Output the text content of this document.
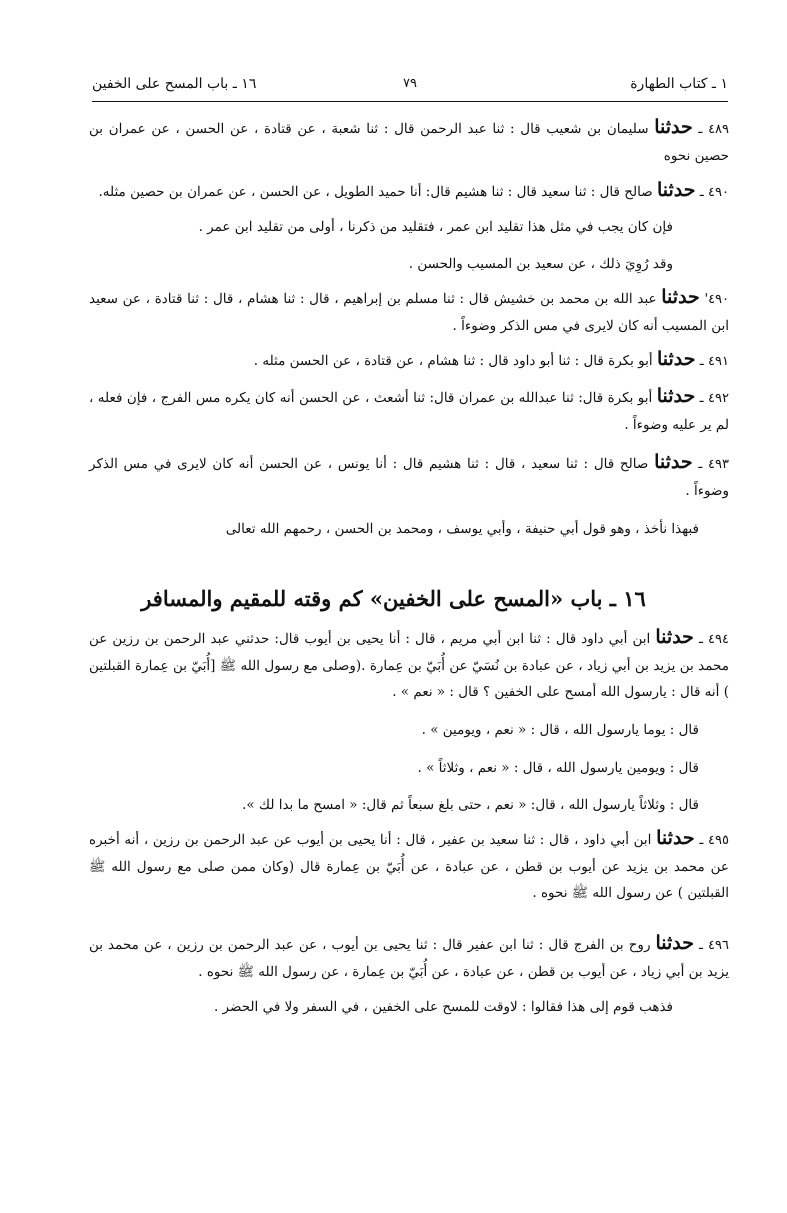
١ ـ كتاب الطهارة
٧٩
١٦ ـ باب المسح على الخفين
٤٨٩ ـ حدثنا سليمان بن شعيب قال : ثنا عبد الرحمن قال : ثنا شعبة ، عن قتادة ، عن الحسن ، عن عمران بن حصين نحوه
٤٩٠ ـ حدثنا صالح قال : ثنا سعيد قال : ثنا هشيم قال: أنا حميد الطويل ، عن الحسن ، عن عمران بن حصين مثله.
فإن كان يجب في مثل هذا تقليد ابن عمر ، فتقليد من ذكرنا ، أولى من تقليد ابن عمر .
وقد رُوِيَ ذلك ، عن سعيد بن المسيب والحسن .
٤٩٠' حدثنا عبد الله بن محمد بن خشيش قال : ثنا مسلم بن إبراهيم ، قال : ثنا هشام ، قال : ثنا قتادة ، عن سعيد ابن المسيب أنه كان لايرى في مس الذكر وضوءاً .
٤٩١ ـ حدثنا أبو بكرة قال : ثنا أبو داود قال : ثنا هشام ، عن قتادة ، عن الحسن مثله .
٤٩٢ ـ حدثنا أبو بكرة قال: ثنا عبدالله بن عمران قال: ثنا أشعث ، عن الحسن أنه كان يكره مس الفرج ، فإن فعله ، لم ير عليه وضوءاً .
٤٩٣ ـ حدثنا صالح قال : ثنا سعيد ، قال : ثنا هشيم قال : أنا يونس ، عن الحسن أنه كان لايرى في مس الذكر وضوءاً .
فبهذا نأخذ ، وهو قول أبي حنيفة ، وأبي يوسف ، ومحمد بن الحسن ، رحمهم الله تعالى
١٦ ـ باب «المسح على الخفين» كم وقته للمقيم والمسافر
٤٩٤ ـ حدثنا ابن أبي داود قال : ثنا ابن أبي مريم ، قال : أنا يحيى بن أيوب قال: حدثني عبد الرحمن بن رزين عن محمد بن يزيد بن أبي زياد ، عن عبادة بن نُسَيّ عن أُبَيّ بن عِمارة .(وصلى مع رسول الله ﷺ [أُبَيّ بن عِمارة القبلتين ) أنه قال : يارسول الله أمسح على الخفين ؟ قال : « نعم » .
قال : يوما يارسول الله ، قال : « نعم ، ويومين » .
قال : ويومين يارسول الله ، قال : « نعم ، وثلاثاً » .
قال : وثلاثاً يارسول الله ، قال: « نعم ، حتى بلغ سبعاً ثم قال: « امسح ما بدا لك ».
٤٩٥ ـ حدثنا ابن أبي داود ، قال : ثنا سعيد بن عفير ، قال : أنا يحيى بن أيوب عن عبد الرحمن بن رزين ، أنه أخبره عن محمد بن يزيد عن أيوب بن قطن ، عن عبادة ، عن أُبَيّ بن عِمارة قال (وكان ممن صلى مع رسول الله ﷺ القبلتين ) عن رسول الله ﷺ نحوه .
٤٩٦ ـ حدثنا روح بن الفرج قال : ثنا ابن عفير قال : ثنا يحيى بن أيوب ، عن عبد الرحمن بن رزين ، عن محمد بن يزيد بن أبي زياد ، عن أيوب بن قطن ، عن عبادة ، عن أُبَيّ بن عِمارة ، عن رسول الله ﷺ نحوه .
فذهب قوم إلى هذا فقالوا : لاوقت للمسح على الخفين ، في السفر ولا في الحضر .
